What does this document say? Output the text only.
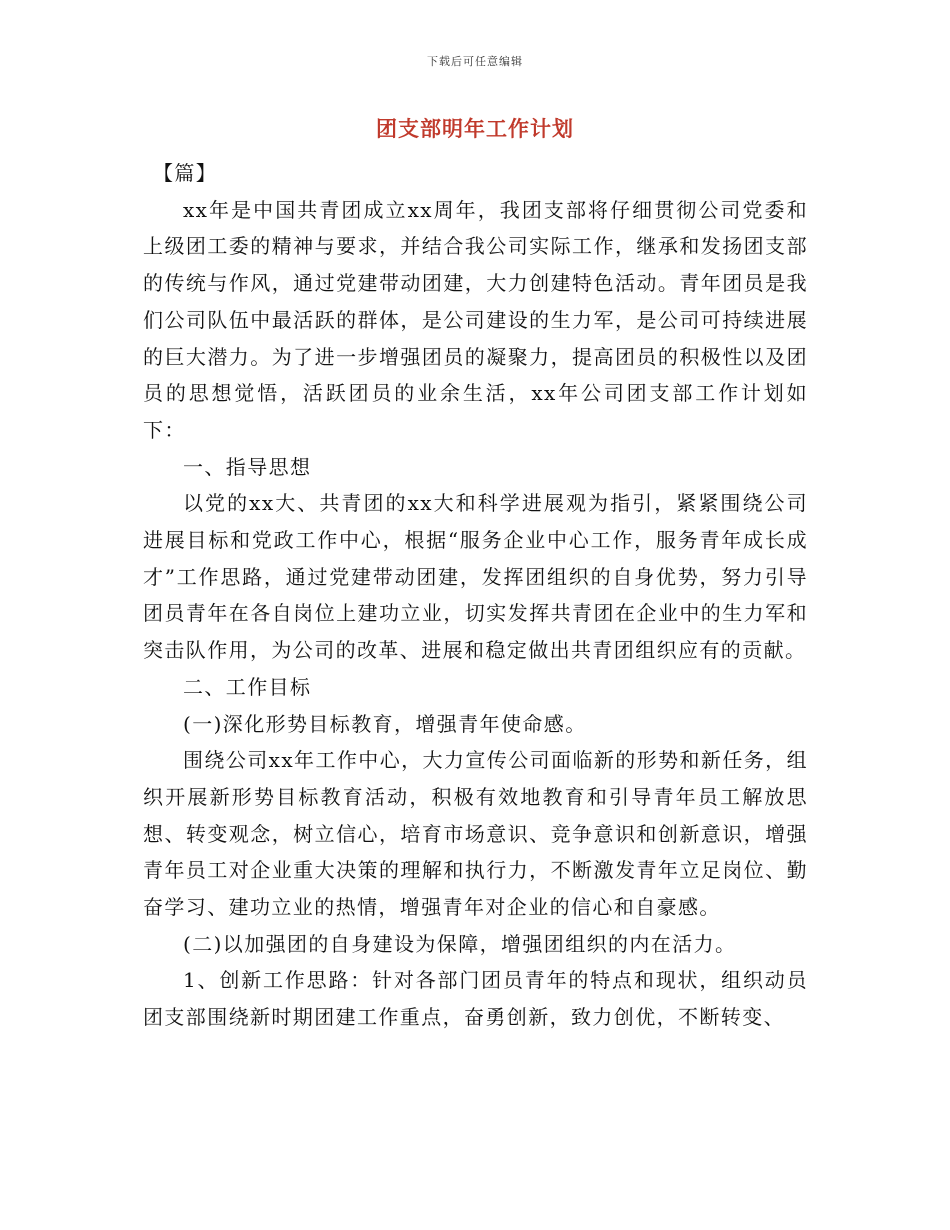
下载后可任意编辑
团支部明年工作计划

【篇】

xx年是中国共青团成立xx周年，我团支部将仔细贯彻公司党委和上级团工委的精神与要求，并结合我公司实际工作，继承和发扬团支部的传统与作风，通过党建带动团建，大力创建特色活动。青年团员是我们公司队伍中最活跃的群体，是公司建设的生力军，是公司可持续进展的巨大潜力。为了进一步增强团员的凝聚力，提高团员的积极性以及团员的思想觉悟，活跃团员的业余生活，xx年公司团支部工作计划如下：

一、指导思想

以党的xx大、共青团的xx大和科学进展观为指引，紧紧围绕公司进展目标和党政工作中心，根据“服务企业中心工作，服务青年成长成才”工作思路，通过党建带动团建，发挥团组织的自身优势，努力引导团员青年在各自岗位上建功立业，切实发挥共青团在企业中的生力军和突击队作用，为公司的改革、进展和稳定做出共青团组织应有的贡献。

二、工作目标

(一)深化形势目标教育，增强青年使命感。

围绕公司xx年工作中心，大力宣传公司面临新的形势和新任务，组织开展新形势目标教育活动，积极有效地教育和引导青年员工解放思想、转变观念，树立信心，培育市场意识、竞争意识和创新意识，增强青年员工对企业重大决策的理解和执行力，不断激发青年立足岗位、勤奋学习、建功立业的热情，增强青年对企业的信心和自豪感。

(二)以加强团的自身建设为保障，增强团组织的内在活力。

1、创新工作思路：针对各部门团员青年的特点和现状，组织动员团支部围绕新时期团建工作重点，奋勇创新，致力创优，不断转变、
